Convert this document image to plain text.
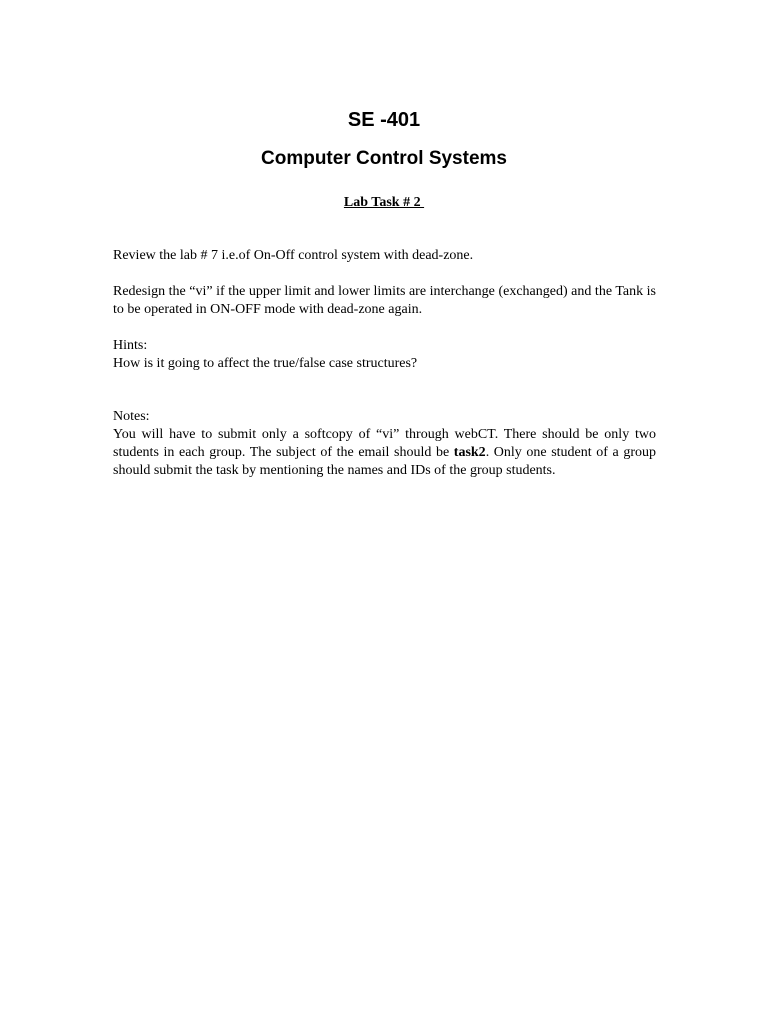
SE -401
Computer Control Systems
Lab Task # 2

Review the lab # 7 i.e.of On-Off control system with dead-zone.

Redesign the “vi” if the upper limit and lower limits are interchange (exchanged) and the Tank is to be operated in ON-OFF mode with dead-zone again.

Hints:
How is it going to affect the true/false case structures?
Notes:
You will have to submit only a softcopy of “vi” through webCT. There should be only two students in each group. The subject of the email should be task2. Only one student of a group should submit the task by mentioning the names and IDs of the group students.
